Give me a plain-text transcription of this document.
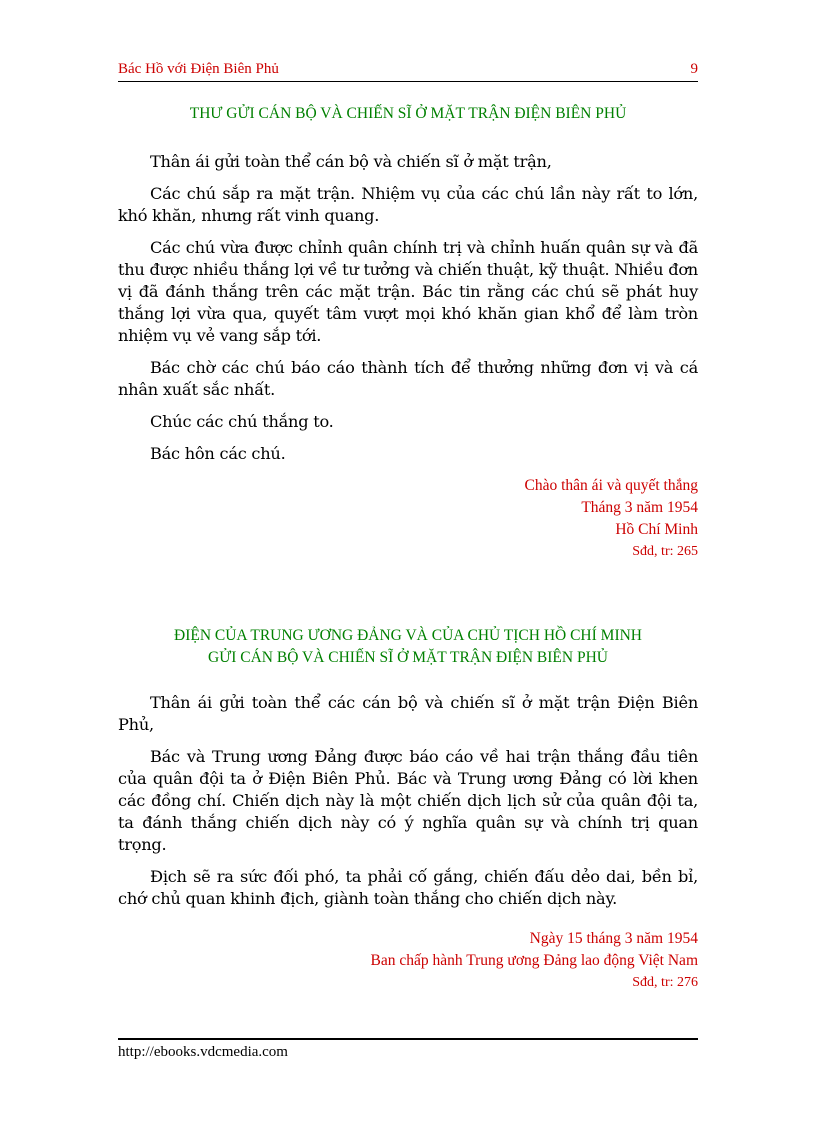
Bác Hồ với Điện Biên Phủ	9
THƯ GỬI CÁN BỘ VÀ CHIẾN SĨ Ở MẶT TRẬN ĐIỆN BIÊN PHỦ

Thân ái gửi toàn thể cán bộ và chiến sĩ ở mặt trận,

Các chú sắp ra mặt trận. Nhiệm vụ của các chú lần này rất to lớn, khó khăn, nhưng rất vinh quang.

Các chú vừa được chỉnh quân chính trị và chỉnh huấn quân sự và đã thu được nhiều thắng lợi về tư tưởng và chiến thuật, kỹ thuật. Nhiều đơn vị đã đánh thắng trên các mặt trận. Bác tin rằng các chú sẽ phát huy thắng lợi vừa qua, quyết tâm vượt mọi khó khăn gian khổ để làm tròn nhiệm vụ vẻ vang sắp tới.

Bác chờ các chú báo cáo thành tích để thưởng những đơn vị và cá nhân xuất sắc nhất.

Chúc các chú thắng to.

Bác hôn các chú.

Chào thân ái và quyết thắng
Tháng 3 năm 1954
Hồ Chí Minh
Sđd, tr: 265
ĐIỆN CỦA TRUNG ƯƠNG ĐẢNG VÀ CỦA CHỦ TỊCH HỒ CHÍ MINH
GỬI CÁN BỘ VÀ CHIẾN SĨ Ở MẶT TRẬN ĐIỆN BIÊN PHỦ

Thân ái gửi toàn thể các cán bộ và chiến sĩ ở mặt trận Điện Biên Phủ,

Bác và Trung ương Đảng được báo cáo về hai trận thắng đầu tiên của quân đội ta ở Điện Biên Phủ. Bác và Trung ương Đảng có lời khen các đồng chí. Chiến dịch này là một chiến dịch lịch sử của quân đội ta, ta đánh thắng chiến dịch này có ý nghĩa quân sự và chính trị quan trọng.

Địch sẽ ra sức đối phó, ta phải cố gắng, chiến đấu dẻo dai, bền bỉ, chớ chủ quan khinh địch, giành toàn thắng cho chiến dịch này.

Ngày 15 tháng 3 năm 1954
Ban chấp hành Trung ương Đảng lao động Việt Nam
Sđd, tr: 276
http://ebooks.vdcmedia.com
